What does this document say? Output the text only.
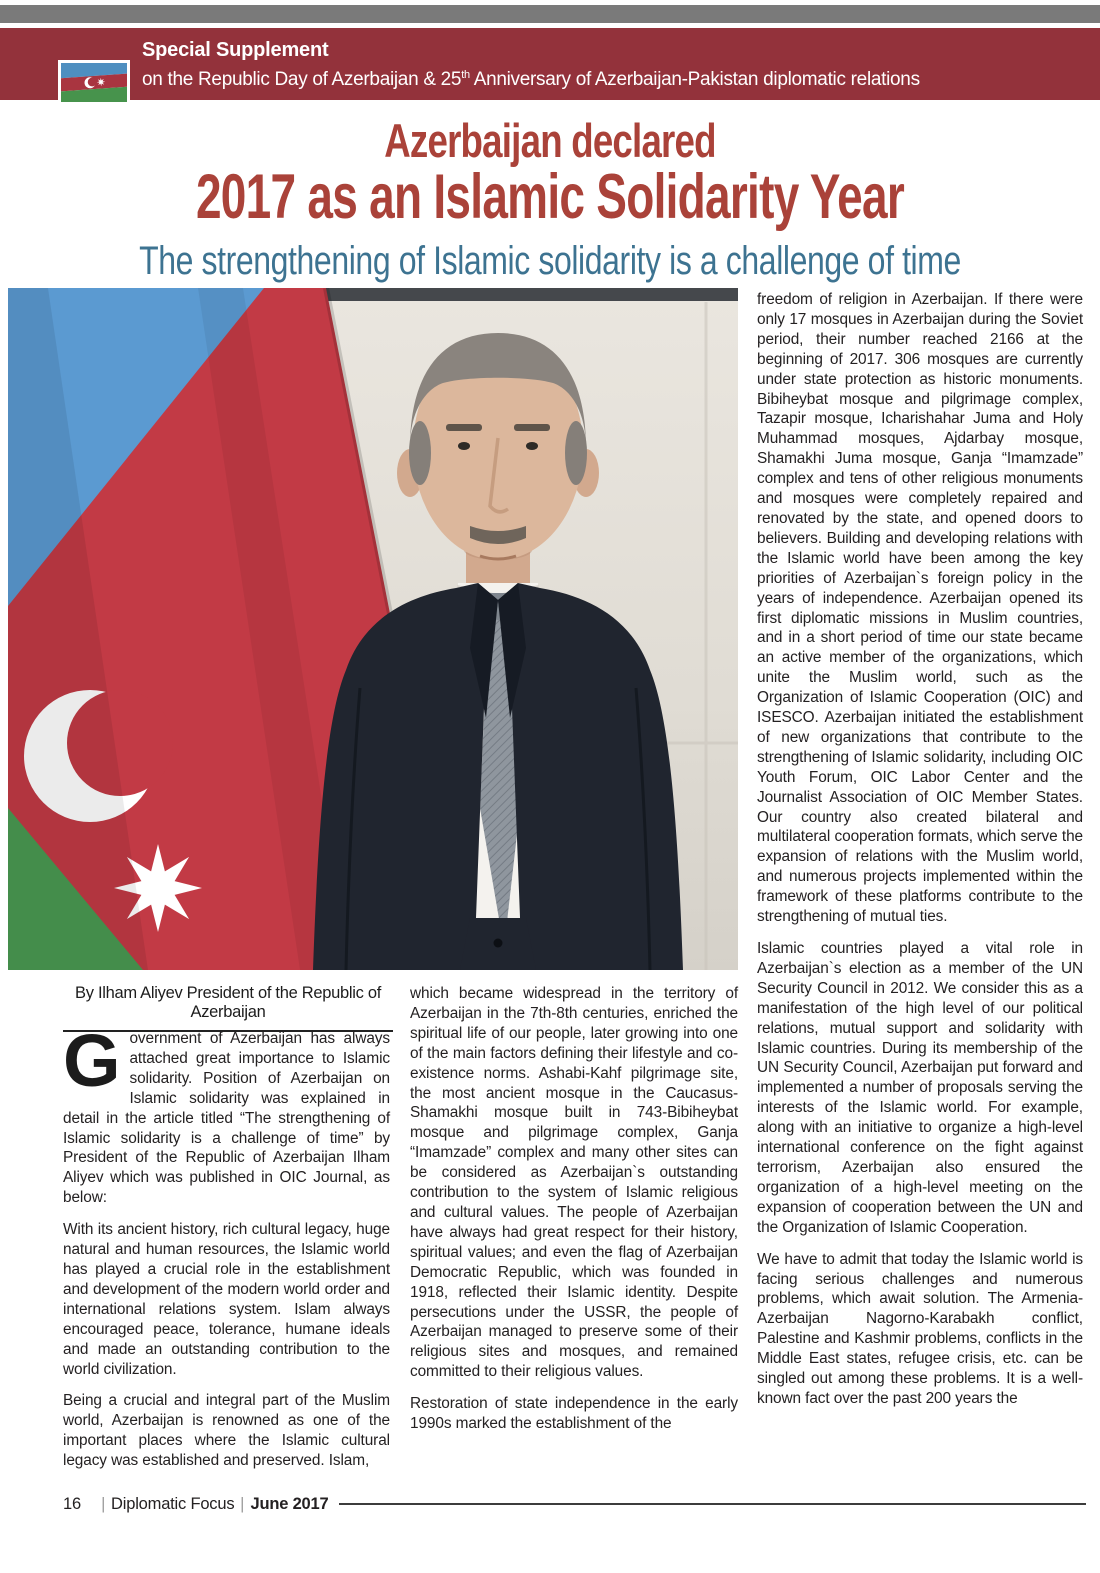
Special Supplement
on the Republic Day of Azerbaijan & 25th Anniversary of Azerbaijan-Pakistan diplomatic relations
Azerbaijan declared
2017 as an Islamic Solidarity Year
The strengthening of Islamic solidarity is a challenge of time
By Ilham Aliyev President of the Republic of Azerbaijan

Government of Azerbaijan has always attached great importance to Islamic solidarity. Position of Azerbaijan on Islamic solidarity was explained in detail in the article titled “The strengthening of Islamic solidarity is a challenge of time” by President of the Republic of Azerbaijan Ilham Aliyev which was published in OIC Journal, as below:

With its ancient history, rich cultural legacy, huge natural and human resources, the Islamic world has played a crucial role in the establishment and development of the modern world order and international relations system. Islam always encouraged peace, tolerance, humane ideals and made an outstanding contribution to the world civilization.

Being a crucial and integral part of the Muslim world, Azerbaijan is renowned as one of the important places where the Islamic cultural legacy was established and preserved. Islam,

which became widespread in the territory of Azerbaijan in the 7th-8th centuries, enriched the spiritual life of our people, later growing into one of the main factors defining their lifestyle and co-existence norms. Ashabi-Kahf pilgrimage site, the most ancient mosque in the Caucasus-Shamakhi mosque built in 743-Bibiheybat mosque and pilgrimage complex, Ganja “Imamzade” complex and many other sites can be considered as Azerbaijan`s outstanding contribution to the system of Islamic religious and cultural values. The people of Azerbaijan have always had great respect for their history, spiritual values; and even the flag of Azerbaijan Democratic Republic, which was founded in 1918, reflected their Islamic identity. Despite persecutions under the USSR, the people of Azerbaijan managed to preserve some of their religious sites and mosques, and remained committed to their religious values.

Restoration of state independence in the early 1990s marked the establishment of the

freedom of religion in Azerbaijan. If there were only 17 mosques in Azerbaijan during the Soviet period, their number reached 2166 at the beginning of 2017. 306 mosques are currently under state protection as historic monuments. Bibiheybat mosque and pilgrimage complex, Tazapir mosque, Icharishahar Juma and Holy Muhammad mosques, Ajdarbay mosque, Shamakhi Juma mosque, Ganja “Imamzade” complex and tens of other religious monuments and mosques were completely repaired and renovated by the state, and opened doors to believers. Building and developing relations with the Islamic world have been among the key priorities of Azerbaijan`s foreign policy in the years of independence. Azerbaijan opened its first diplomatic missions in Muslim countries, and in a short period of time our state became an active member of the organizations, which unite the Muslim world, such as the Organization of Islamic Cooperation (OIC) and ISESCO. Azerbaijan initiated the establishment of new organizations that contribute to the strengthening of Islamic solidarity, including OIC Youth Forum, OIC Labor Center and the Journalist Association of OIC Member States. Our country also created bilateral and multilateral cooperation formats, which serve the expansion of relations with the Muslim world, and numerous projects implemented within the framework of these platforms contribute to the strengthening of mutual ties.

Islamic countries played a vital role in Azerbaijan`s election as a member of the UN Security Council in 2012. We consider this as a manifestation of the high level of our political relations, mutual support and solidarity with Islamic countries. During its membership of the UN Security Council, Azerbaijan put forward and implemented a number of proposals serving the interests of the Islamic world. For example, along with an initiative to organize a high-level international conference on the fight against terrorism, Azerbaijan also ensured the organization of a high-level meeting on the expansion of cooperation between the UN and the Organization of Islamic Cooperation.

We have to admit that today the Islamic world is facing serious challenges and numerous problems, which await solution. The Armenia-Azerbaijan Nagorno-Karabakh conflict, Palestine and Kashmir problems, conflicts in the Middle East states, refugee crisis, etc. can be singled out among these problems. It is a well-known fact over the past 200 years the

16 | Diplomatic Focus | June 2017
